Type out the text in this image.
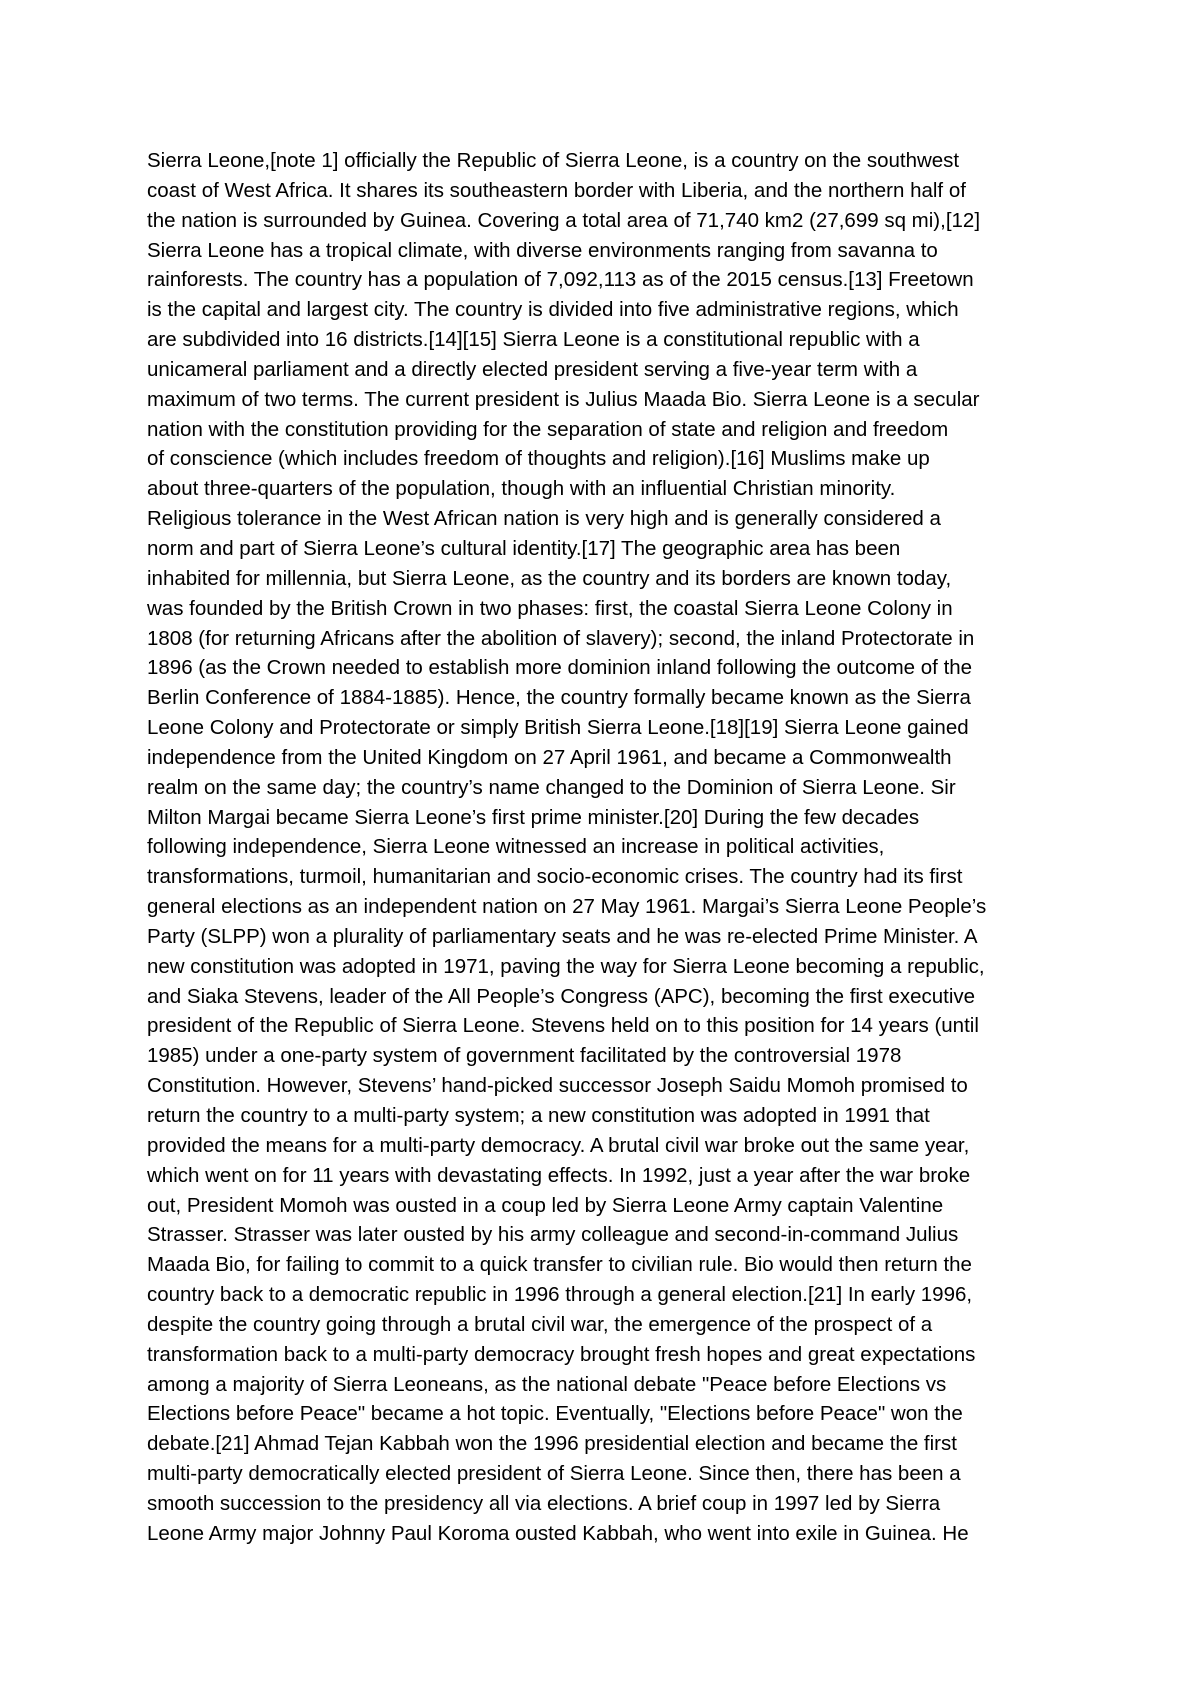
Sierra Leone,[note 1] officially the Republic of Sierra Leone, is a country on the southwest
coast of West Africa. It shares its southeastern border with Liberia, and the northern half of
the nation is surrounded by Guinea. Covering a total area of 71,740 km2 (27,699 sq mi),[12]
Sierra Leone has a tropical climate, with diverse environments ranging from savanna to
rainforests. The country has a population of 7,092,113 as of the 2015 census.[13] Freetown
is the capital and largest city. The country is divided into five administrative regions, which
are subdivided into 16 districts.[14][15] Sierra Leone is a constitutional republic with a
unicameral parliament and a directly elected president serving a five-year term with a
maximum of two terms. The current president is Julius Maada Bio. Sierra Leone is a secular
nation with the constitution providing for the separation of state and religion and freedom
of conscience (which includes freedom of thoughts and religion).[16] Muslims make up
about three-quarters of the population, though with an influential Christian minority.
Religious tolerance in the West African nation is very high and is generally considered a
norm and part of Sierra Leone’s cultural identity.[17] The geographic area has been
inhabited for millennia, but Sierra Leone, as the country and its borders are known today,
was founded by the British Crown in two phases: first, the coastal Sierra Leone Colony in
1808 (for returning Africans after the abolition of slavery); second, the inland Protectorate in
1896 (as the Crown needed to establish more dominion inland following the outcome of the
Berlin Conference of 1884-1885). Hence, the country formally became known as the Sierra
Leone Colony and Protectorate or simply British Sierra Leone.[18][19] Sierra Leone gained
independence from the United Kingdom on 27 April 1961, and became a Commonwealth
realm on the same day; the country’s name changed to the Dominion of Sierra Leone. Sir
Milton Margai became Sierra Leone’s first prime minister.[20] During the few decades
following independence, Sierra Leone witnessed an increase in political activities,
transformations, turmoil, humanitarian and socio-economic crises. The country had its first
general elections as an independent nation on 27 May 1961. Margai’s Sierra Leone People’s
Party (SLPP) won a plurality of parliamentary seats and he was re-elected Prime Minister. A
new constitution was adopted in 1971, paving the way for Sierra Leone becoming a republic,
and Siaka Stevens, leader of the All People’s Congress (APC), becoming the first executive
president of the Republic of Sierra Leone. Stevens held on to this position for 14 years (until
1985) under a one-party system of government facilitated by the controversial 1978
Constitution. However, Stevens’ hand-picked successor Joseph Saidu Momoh promised to
return the country to a multi-party system; a new constitution was adopted in 1991 that
provided the means for a multi-party democracy. A brutal civil war broke out the same year,
which went on for 11 years with devastating effects. In 1992, just a year after the war broke
out, President Momoh was ousted in a coup led by Sierra Leone Army captain Valentine
Strasser. Strasser was later ousted by his army colleague and second-in-command Julius
Maada Bio, for failing to commit to a quick transfer to civilian rule. Bio would then return the
country back to a democratic republic in 1996 through a general election.[21] In early 1996,
despite the country going through a brutal civil war, the emergence of the prospect of a
transformation back to a multi-party democracy brought fresh hopes and great expectations
among a majority of Sierra Leoneans, as the national debate "Peace before Elections vs
Elections before Peace" became a hot topic. Eventually, "Elections before Peace" won the
debate.[21] Ahmad Tejan Kabbah won the 1996 presidential election and became the first
multi-party democratically elected president of Sierra Leone. Since then, there has been a
smooth succession to the presidency all via elections. A brief coup in 1997 led by Sierra
Leone Army major Johnny Paul Koroma ousted Kabbah, who went into exile in Guinea. He
